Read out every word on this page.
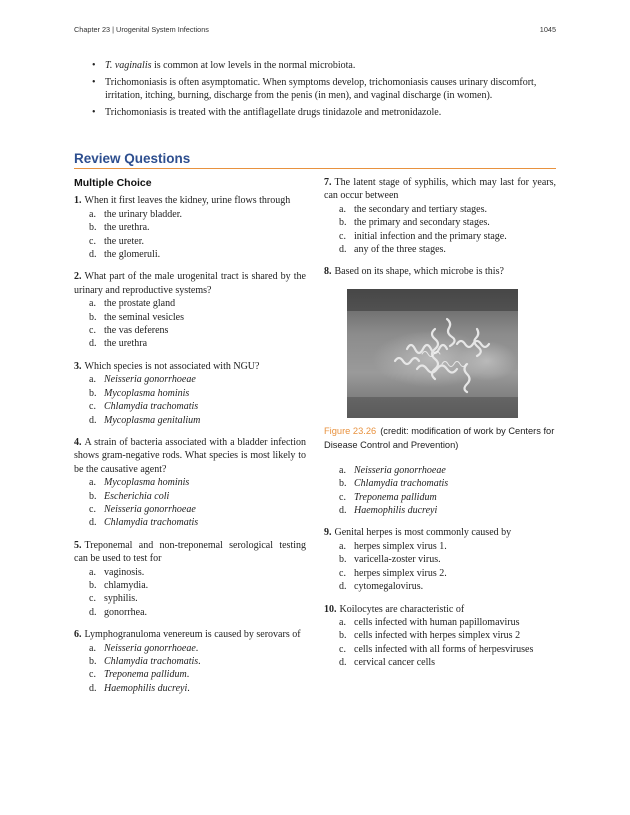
Chapter 23 | Urogenital System Infections	1045
• T. vaginalis is common at low levels in the normal microbiota.
• Trichomoniasis is often asymptomatic. When symptoms develop, trichomoniasis causes urinary discomfort, irritation, itching, burning, discharge from the penis (in men), and vaginal discharge (in women).
• Trichomoniasis is treated with the antiflagellate drugs tinidazole and metronidazole.
Review Questions
Multiple Choice
1. When it first leaves the kidney, urine flows through
a. the urinary bladder.
b. the urethra.
c. the ureter.
d. the glomeruli.
2. What part of the male urogenital tract is shared by the urinary and reproductive systems?
a. the prostate gland
b. the seminal vesicles
c. the vas deferens
d. the urethra
3. Which species is not associated with NGU?
a. Neisseria gonorrhoeae
b. Mycoplasma hominis
c. Chlamydia trachomatis
d. Mycoplasma genitalium
4. A strain of bacteria associated with a bladder infection shows gram-negative rods. What species is most likely to be the causative agent?
a. Mycoplasma hominis
b. Escherichia coli
c. Neisseria gonorrhoeae
d. Chlamydia trachomatis
5. Treponemal and non-treponemal serological testing can be used to test for
a. vaginosis.
b. chlamydia.
c. syphilis.
d. gonorrhea.
6. Lymphogranuloma venereum is caused by serovars of
a. Neisseria gonorrhoeae.
b. Chlamydia trachomatis.
c. Treponema pallidum.
d. Haemophilis ducreyi.
7. The latent stage of syphilis, which may last for years, can occur between
a. the secondary and tertiary stages.
b. the primary and secondary stages.
c. initial infection and the primary stage.
d. any of the three stages.
8. Based on its shape, which microbe is this?
Figure 23.26 (credit: modification of work by Centers for Disease Control and Prevention)
a. Neisseria gonorrhoeae
b. Chlamydia trachomatis
c. Treponema pallidum
d. Haemophilis ducreyi
9. Genital herpes is most commonly caused by
a. herpes simplex virus 1.
b. varicella-zoster virus.
c. herpes simplex virus 2.
d. cytomegalovirus.
10. Koilocytes are characteristic of
a. cells infected with human papillomavirus
b. cells infected with herpes simplex virus 2
c. cells infected with all forms of herpesviruses
d. cervical cancer cells
